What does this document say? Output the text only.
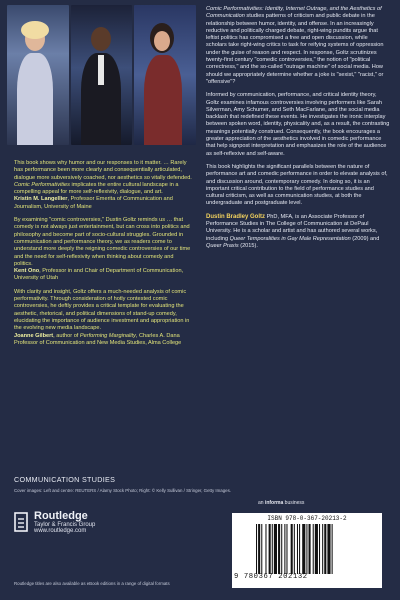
This book shows why humor and our responses to it matter. … Rarely has performance been more clearly and consequentially articulated, dialogue more subversively coached, nor aesthetics so vitally defended. Comic Performativities implicates the entire cultural landscape in a compelling appeal for more self-reflexivity, dialogue, and art.
Kristin M. Langellier, Professor Emerita of Communication and Journalism, University of Maine

By examining "comic controversies," Dustin Goltz reminds us … that comedy is not always just entertainment, but can cross into politics and philosophy and become part of socio-cultural struggles. Grounded in communication and performance theory, we as readers come to understand more deeply the reigning comedic controversies of our time and the need for self-reflexivity when thinking about comedy and politics.
Kent Ono, Professor in and Chair of Department of Communication, University of Utah

With clarity and insight, Goltz offers a much-needed analysis of comic performativity. Through consideration of hotly contested comic controversies, he deftly provides a critical template for evaluating the aesthetic, rhetorical, and political dimensions of stand-up comedy, elucidating the importance of audience investment and appropriation in the evolving new media landscape.
Joanne Gilbert, author of Performing Marginality, Charles A. Dana Professor of Communication and New Media Studies, Alma College

Comic Performativities: Identity, Internet Outrage, and the Aesthetics of Communication studies patterns of criticism and public debate in the relationship between humor, identity, and offense. In an increasingly reductive and politically charged debate, right-wing pundits argue that leftist politics has compromised a free and open discussion, while scholars take right-wing critics to task for reifying systems of oppression under the guise of reason and respect. In response, Goltz scrutinizes twenty-first century "comedic controversies," the notion of "political correctness," and the so-called "outrage machine" of social media. How should we appropriately determine whether a joke is "sexist," "racist," or "offensive"?

Informed by communication, performance, and critical identity theory, Goltz examines infamous controversies involving performers like Sarah Silverman, Amy Schumer, and Seth MacFarlane, and the social media backlash that redefined these events. He investigates the ironic interplay between spoken word, identity, physicality and, as a result, the contrasting meanings potentially construed. Consequently, the book encourages a greater appreciation of the aesthetics involved in comedic performance that help signpost interpretation and emphasizes the role of the audience as self-reflexive and self-aware.

This book highlights the significant parallels between the nature of performance art and comedic performance in order to elevate analysis of, and discussion around, contemporary comedy. In doing so, it is an important critical contribution to the field of performance studies and cultural criticism, as well as communication studies, at both the undergraduate and postgraduate level.

Dustin Bradley Goltz PhD, MFA, is an Associate Professor of Performance Studies in The College of Communication at DePaul University. He is a scholar and artist and has authored several works, including Queer Temporalities in Gay Male Representation (2009) and Queer Praxis (2015).

COMMUNICATION STUDIES
Cover images: Left and centre: REUTERS / Alamy Stock Photo; Right: © Kelly Sullivan / Stringer, Getty Images.
Routledge
Taylor & Francis Group
www.routledge.com
Routledge titles are also available as eBook editions in a range of digital formats
an informa business
ISBN 978-0-367-20213-2
9 780367 202132
